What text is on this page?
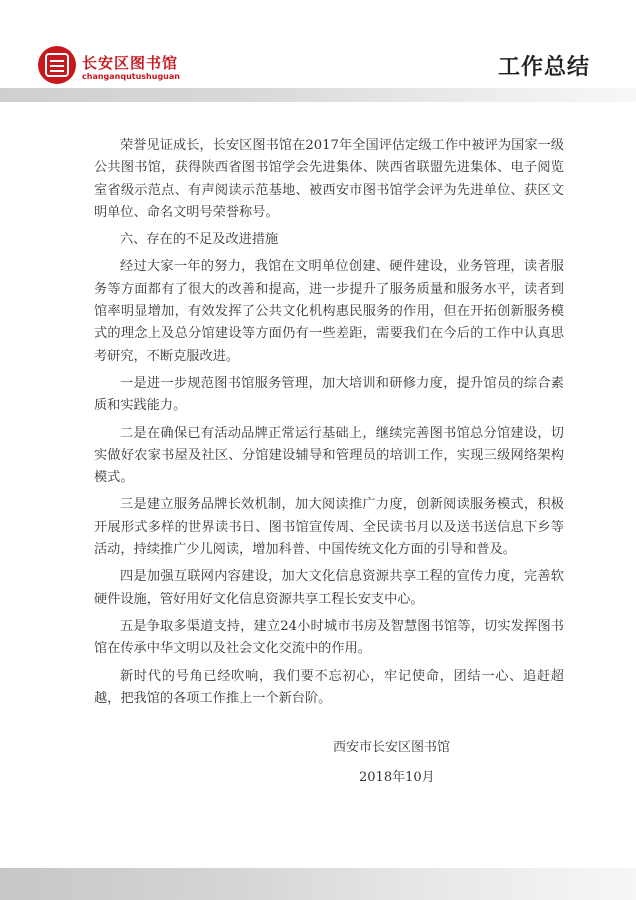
长安区图书馆
changanqutushuguan	工作总结

荣誉见证成长，长安区图书馆在2017年全国评估定级工作中被评为国家一级公共图书馆，获得陕西省图书馆学会先进集体、陕西省联盟先进集体、电子阅览室省级示范点、有声阅读示范基地、被西安市图书馆学会评为先进单位、获区文明单位、命名文明号荣誉称号。

六、存在的不足及改进措施

经过大家一年的努力，我馆在文明单位创建、硬件建设，业务管理，读者服务等方面都有了很大的改善和提高，进一步提升了服务质量和服务水平，读者到馆率明显增加，有效发挥了公共文化机构惠民服务的作用，但在开拓创新服务模式的理念上及总分馆建设等方面仍有一些差距，需要我们在今后的工作中认真思考研究，不断克服改进。

一是进一步规范图书馆服务管理，加大培训和研修力度，提升馆员的综合素质和实践能力。

二是在确保已有活动品牌正常运行基础上，继续完善图书馆总分馆建设，切实做好农家书屋及社区、分馆建设辅导和管理员的培训工作，实现三级网络架构模式。

三是建立服务品牌长效机制，加大阅读推广力度，创新阅读服务模式，积极开展形式多样的世界读书日、图书馆宣传周、全民读书月以及送书送信息下乡等活动，持续推广少儿阅读，增加科普、中国传统文化方面的引导和普及。

四是加强互联网内容建设，加大文化信息资源共享工程的宣传力度，完善软硬件设施，管好用好文化信息资源共享工程长安支中心。

五是争取多渠道支持，建立24小时城市书房及智慧图书馆等，切实发挥图书馆在传承中华文明以及社会文化交流中的作用。

新时代的号角已经吹响，我们要不忘初心，牢记使命，团结一心、追赶超越，把我馆的各项工作推上一个新台阶。

西安市长安区图书馆
2018年10月
